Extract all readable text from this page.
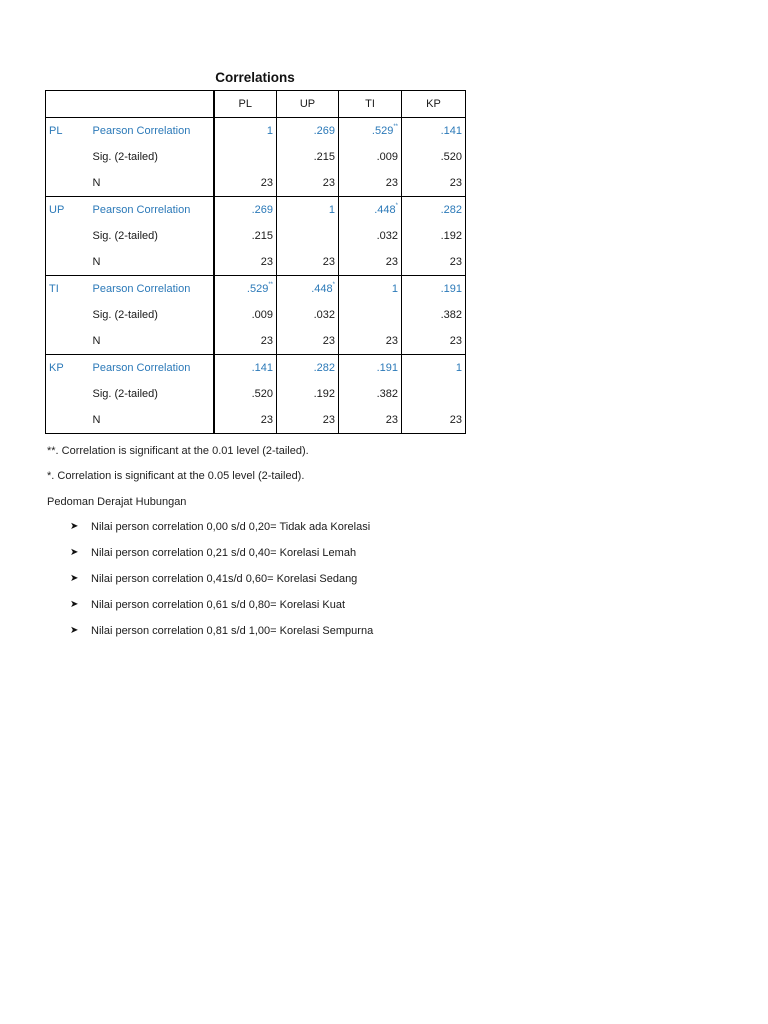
Correlations
		PL	UP	TI	KP
PL	Pearson Correlation	1	.269	.529**	.141
	Sig. (2-tailed)		.215	.009	.520
	N	23	23	23	23
UP	Pearson Correlation	.269	1	.448*	.282
	Sig. (2-tailed)	.215		.032	.192
	N	23	23	23	23
TI	Pearson Correlation	.529**	.448*	1	.191
	Sig. (2-tailed)	.009	.032		.382
	N	23	23	23	23
KP	Pearson Correlation	.141	.282	.191	1
	Sig. (2-tailed)	.520	.192	.382	
	N	23	23	23	23
**. Correlation is significant at the 0.01 level (2-tailed).
*. Correlation is significant at the 0.05 level (2-tailed).
Pedoman Derajat Hubungan
➤	Nilai person correlation 0,00 s/d 0,20= Tidak ada Korelasi
➤	Nilai person correlation 0,21 s/d 0,40= Korelasi Lemah
➤	Nilai person correlation 0,41s/d 0,60= Korelasi Sedang
➤	Nilai person correlation 0,61 s/d 0,80= Korelasi Kuat
➤	Nilai person correlation 0,81 s/d 1,00= Korelasi Sempurna
